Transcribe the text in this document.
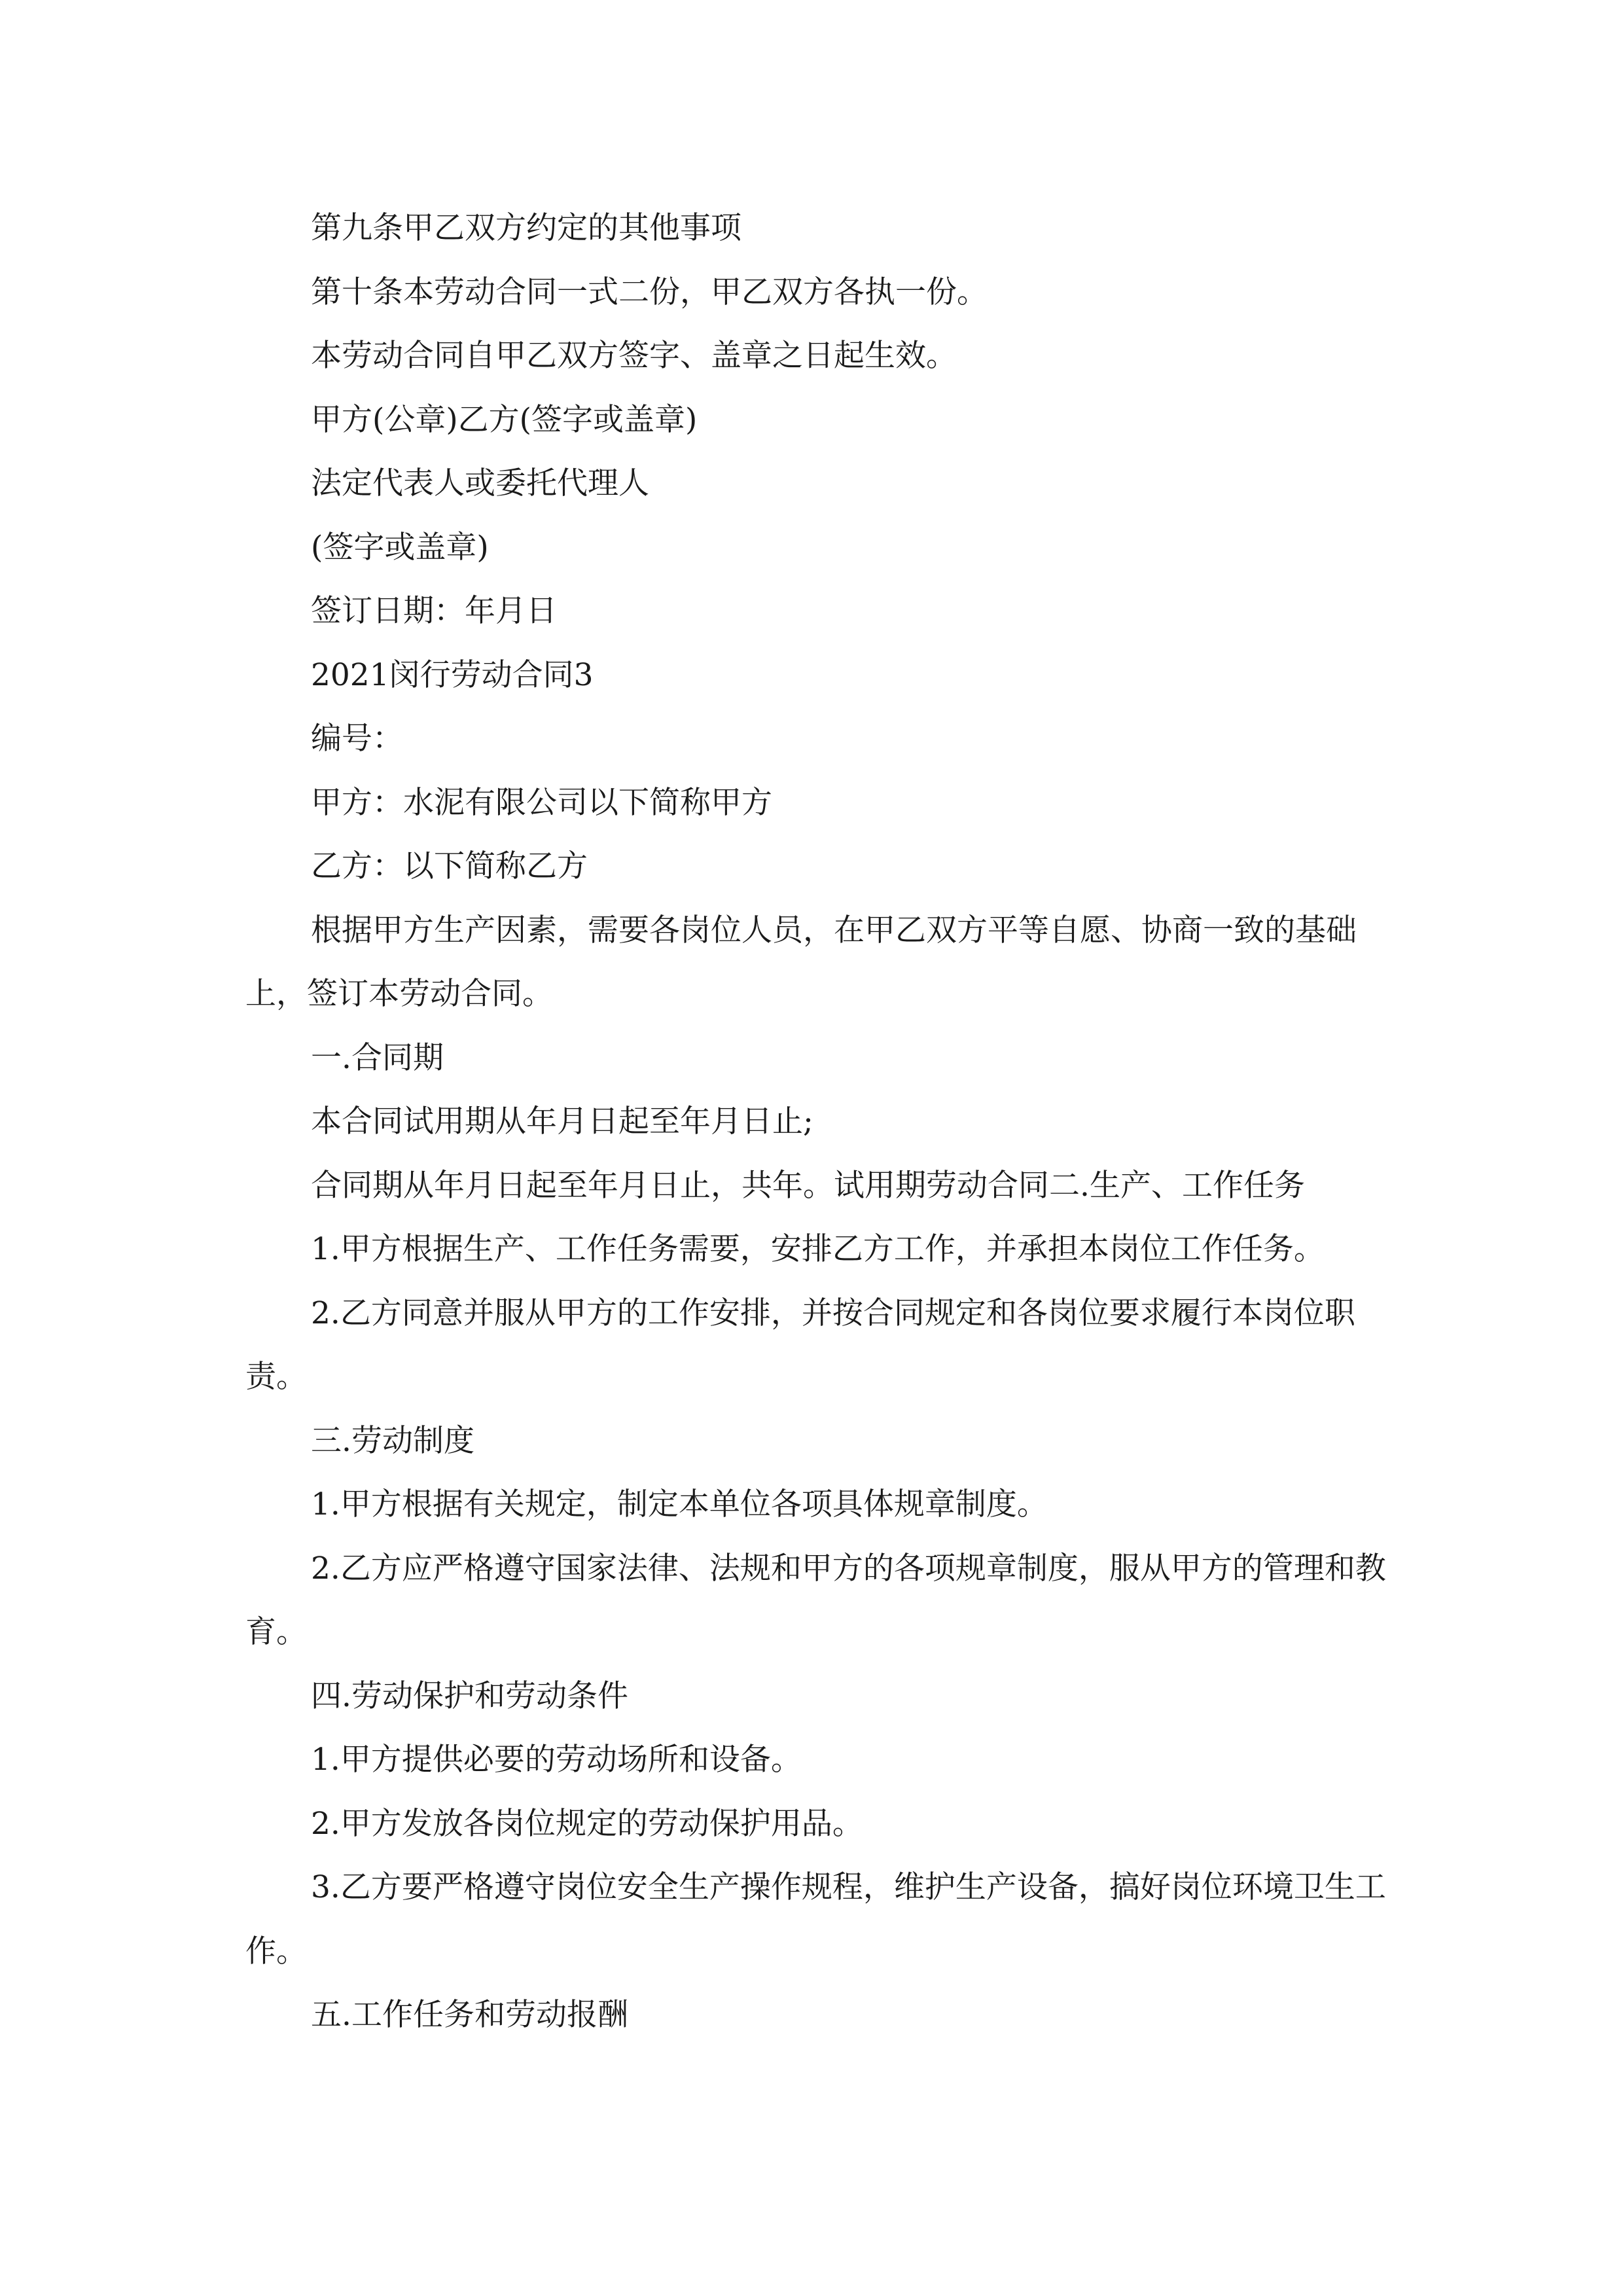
第九条甲乙双方约定的其他事项

第十条本劳动合同一式二份，甲乙双方各执一份。

本劳动合同自甲乙双方签字、盖章之日起生效。

甲方(公章)乙方(签字或盖章)

法定代表人或委托代理人

(签字或盖章)

签订日期：年月日

2021闵行劳动合同3

编号：

甲方：水泥有限公司以下简称甲方

乙方：以下简称乙方

根据甲方生产因素，需要各岗位人员，在甲乙双方平等自愿、协商一致的基础上，签订本劳动合同。

一.合同期

本合同试用期从年月日起至年月日止;

合同期从年月日起至年月日止，共年。试用期劳动合同二.生产、工作任务

1.甲方根据生产、工作任务需要，安排乙方工作，并承担本岗位工作任务。

2.乙方同意并服从甲方的工作安排，并按合同规定和各岗位要求履行本岗位职责。

三.劳动制度

1.甲方根据有关规定，制定本单位各项具体规章制度。

2.乙方应严格遵守国家法律、法规和甲方的各项规章制度，服从甲方的管理和教育。

四.劳动保护和劳动条件

1.甲方提供必要的劳动场所和设备。

2.甲方发放各岗位规定的劳动保护用品。

3.乙方要严格遵守岗位安全生产操作规程，维护生产设备，搞好岗位环境卫生工作。

五.工作任务和劳动报酬
